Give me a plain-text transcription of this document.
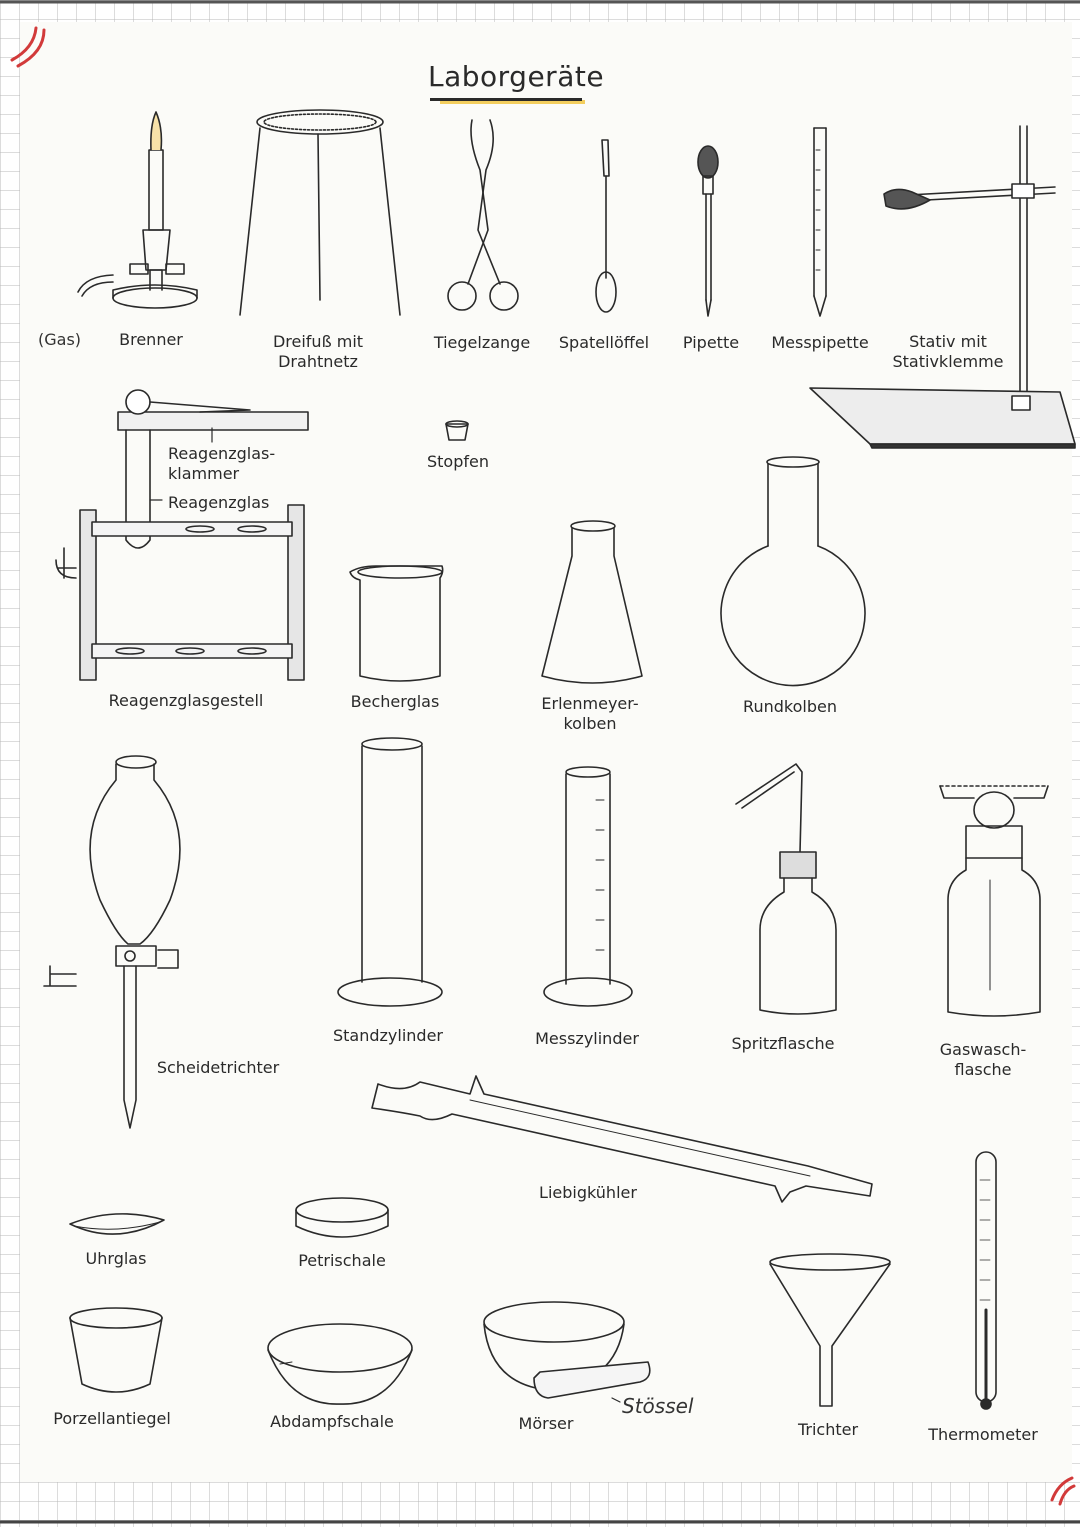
Laborgeräte
(Gas)
Stössel
Brenner	Dreifuß mit
Drahtnetz
Tiegelzange	Spatellöffel	Pipette	Messpipette	Stativ mit
Stativklemme
Reagenzglas-
klammer
Reagenzglas
Stopfen
Reagenzglasgestell	Becherglas	Erlenmeyer-
kolben
Rundkolben
Scheidetrichter
Standzylinder	Messzylinder	Spritzflasche	Gaswasch-
flasche
Liebigkühler
Uhrglas	Petrischale
Porzellantiegel	Abdampfschale	Mörser	Trichter	Thermometer
